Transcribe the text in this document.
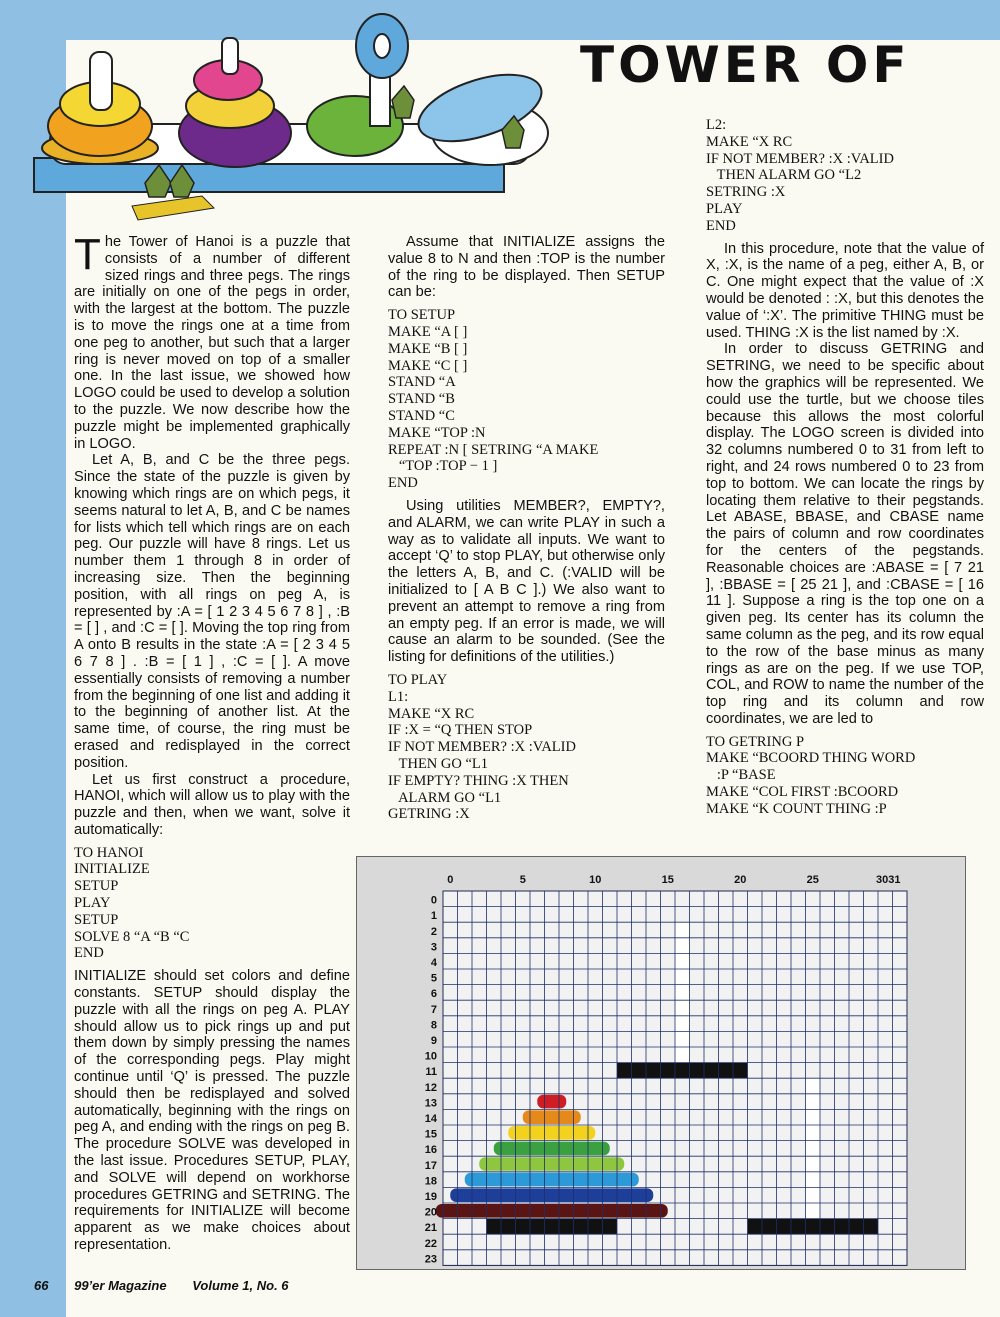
TOWER OF

The Tower of Hanoi is a puzzle that consists of a number of different sized rings and three pegs. The rings are initially on one of the pegs in order, with the largest at the bottom. The puzzle is to move the rings one at a time from one peg to another, but such that a larger ring is never moved on top of a smaller one. In the last issue, we showed how LOGO could be used to develop a solution to the puzzle. We now describe how the puzzle might be implemented graphically in LOGO.

Let A, B, and C be the three pegs. Since the state of the puzzle is given by knowing which rings are on which pegs, it seems natural to let A, B, and C be names for lists which tell which rings are on each peg. Our puzzle will have 8 rings. Let us number them 1 through 8 in order of increasing size. Then the beginning position, with all rings on peg A, is represented by :A = [ 1 2 3 4 5 6 7 8 ] , :B = [ ] , and :C = [ ]. Moving the top ring from A onto B results in the state :A = [ 2 3 4 5 6 7 8 ] . :B = [ 1 ] , :C = [ ]. A move essentially consists of removing a number from the beginning of one list and adding it to the beginning of another list. At the same time, of course, the ring must be erased and redisplayed in the correct position.

Let us first construct a procedure, HANOI, which will allow us to play with the puzzle and then, when we want, solve it automatically:

TO HANOI
INITIALIZE
SETUP
PLAY
SETUP
SOLVE 8 “A “B “C
END

INITIALIZE should set colors and define constants. SETUP should display the puzzle with all the rings on peg A. PLAY should allow us to pick rings up and put them down by simply pressing the names of the corresponding pegs. Play might continue until ‘Q’ is pressed. The puzzle should then be redisplayed and solved automatically, beginning with the rings on peg A, and ending with the rings on peg B. The procedure SOLVE was developed in the last issue. Procedures SETUP, PLAY, and SOLVE will depend on workhorse procedures GETRING and SETRING. The requirements for INITIALIZE will become apparent as we make choices about representation.

Assume that INITIALIZE assigns the value 8 to N and then :TOP is the number of the ring to be displayed. Then SETUP can be:

TO SETUP
MAKE “A [ ]
MAKE “B [ ]
MAKE “C [ ]
STAND “A
STAND “B
STAND “C
MAKE “TOP :N
REPEAT :N [ SETRING “A MAKE
“TOP :TOP − 1 ]
END

Using utilities MEMBER?, EMPTY?, and ALARM, we can write PLAY in such a way as to validate all inputs. We want to accept ‘Q’ to stop PLAY, but otherwise only the letters A, B, and C. (:VALID will be initialized to [ A B C ].) We also want to prevent an attempt to remove a ring from an empty peg. If an error is made, we will cause an alarm to be sounded. (See the listing for definitions of the utilities.)

TO PLAY
L1:
MAKE “X RC
IF :X = “Q THEN STOP
IF NOT MEMBER? :X :VALID
THEN GO “L1
IF EMPTY? THING :X THEN
ALARM GO “L1
GETRING :X
L2:
MAKE “X RC
IF NOT MEMBER? :X :VALID
THEN ALARM GO “L2
SETRING :X
PLAY
END

In this procedure, note that the value of X, :X, is the name of a peg, either A, B, or C. One might expect that the value of :X would be denoted : :X, but this denotes the value of ‘:X’. The primitive THING must be used. THING :X is the list named by :X.

In order to discuss GETRING and SETRING, we need to be specific about how the graphics will be represented. We could use the turtle, but we choose tiles because this allows the most colorful display. The LOGO screen is divided into 32 columns numbered 0 to 31 from left to right, and 24 rows numbered 0 to 23 from top to bottom. We can locate the rings by locating them relative to their pegstands. Let ABASE, BBASE, and CBASE name the pairs of column and row coordinates for the centers of the pegstands. Reasonable choices are :ABASE = [ 7 21 ], :BBASE = [ 25 21 ], and :CBASE = [ 16 11 ]. Suppose a ring is the top one on a given peg. Its center has its column the same column as the peg, and its row equal to the row of the base minus as many rings as are on the peg. If we use TOP, COL, and ROW to name the number of the top ring and its column and row coordinates, we are led to

TO GETRING P
MAKE “BCOORD THING WORD
:P “BASE
MAKE “COL FIRST :BCOORD
MAKE “K COUNT THING :P
0	5	10	15	20	25	3031
0
1
2
3
4
5
6
7
8
9
10
11
12
13
14
15
16
17
18
19
20
21
22
23
66 99’er Magazine Volume 1, No. 6
